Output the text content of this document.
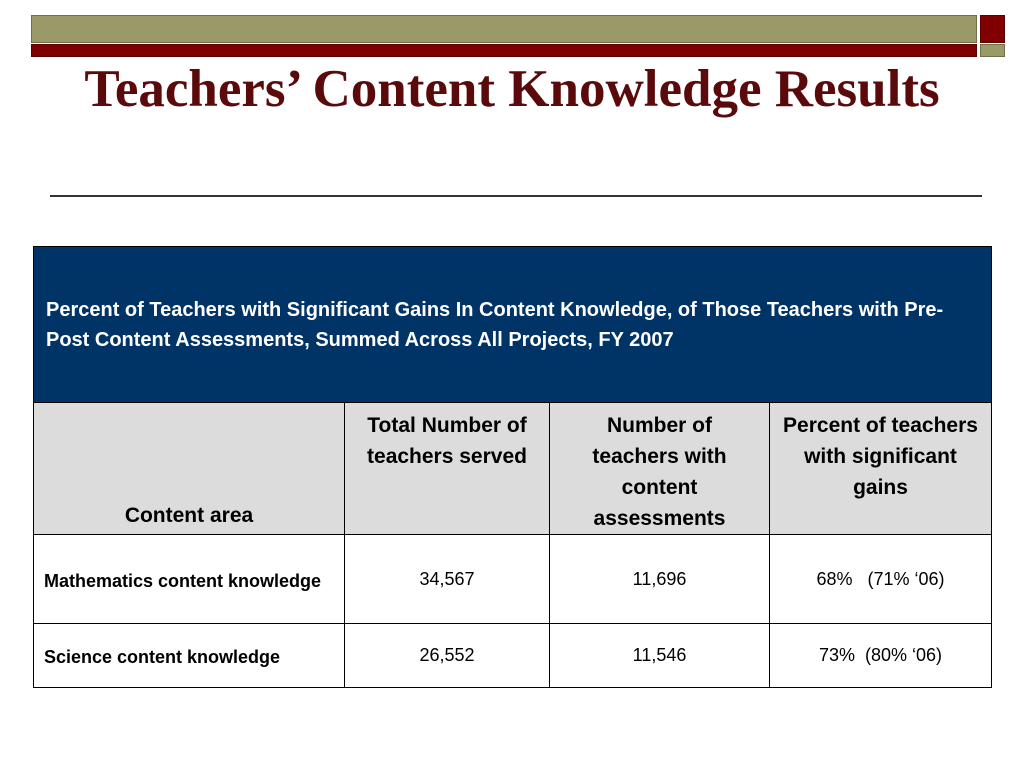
Teachers’ Content Knowledge Results
Percent of Teachers with Significant Gains In Content Knowledge, of Those Teachers with Pre-Post Content Assessments, Summed Across All Projects, FY 2007			
Content area	Total Number of teachers served	Number of teachers with content assessments	Percent of teachers with significant gains

Mathematics content knowledge	34,567	11,696	68%   (71% ‘06)
Science content knowledge	26,552	11,546	73%  (80% ‘06)
